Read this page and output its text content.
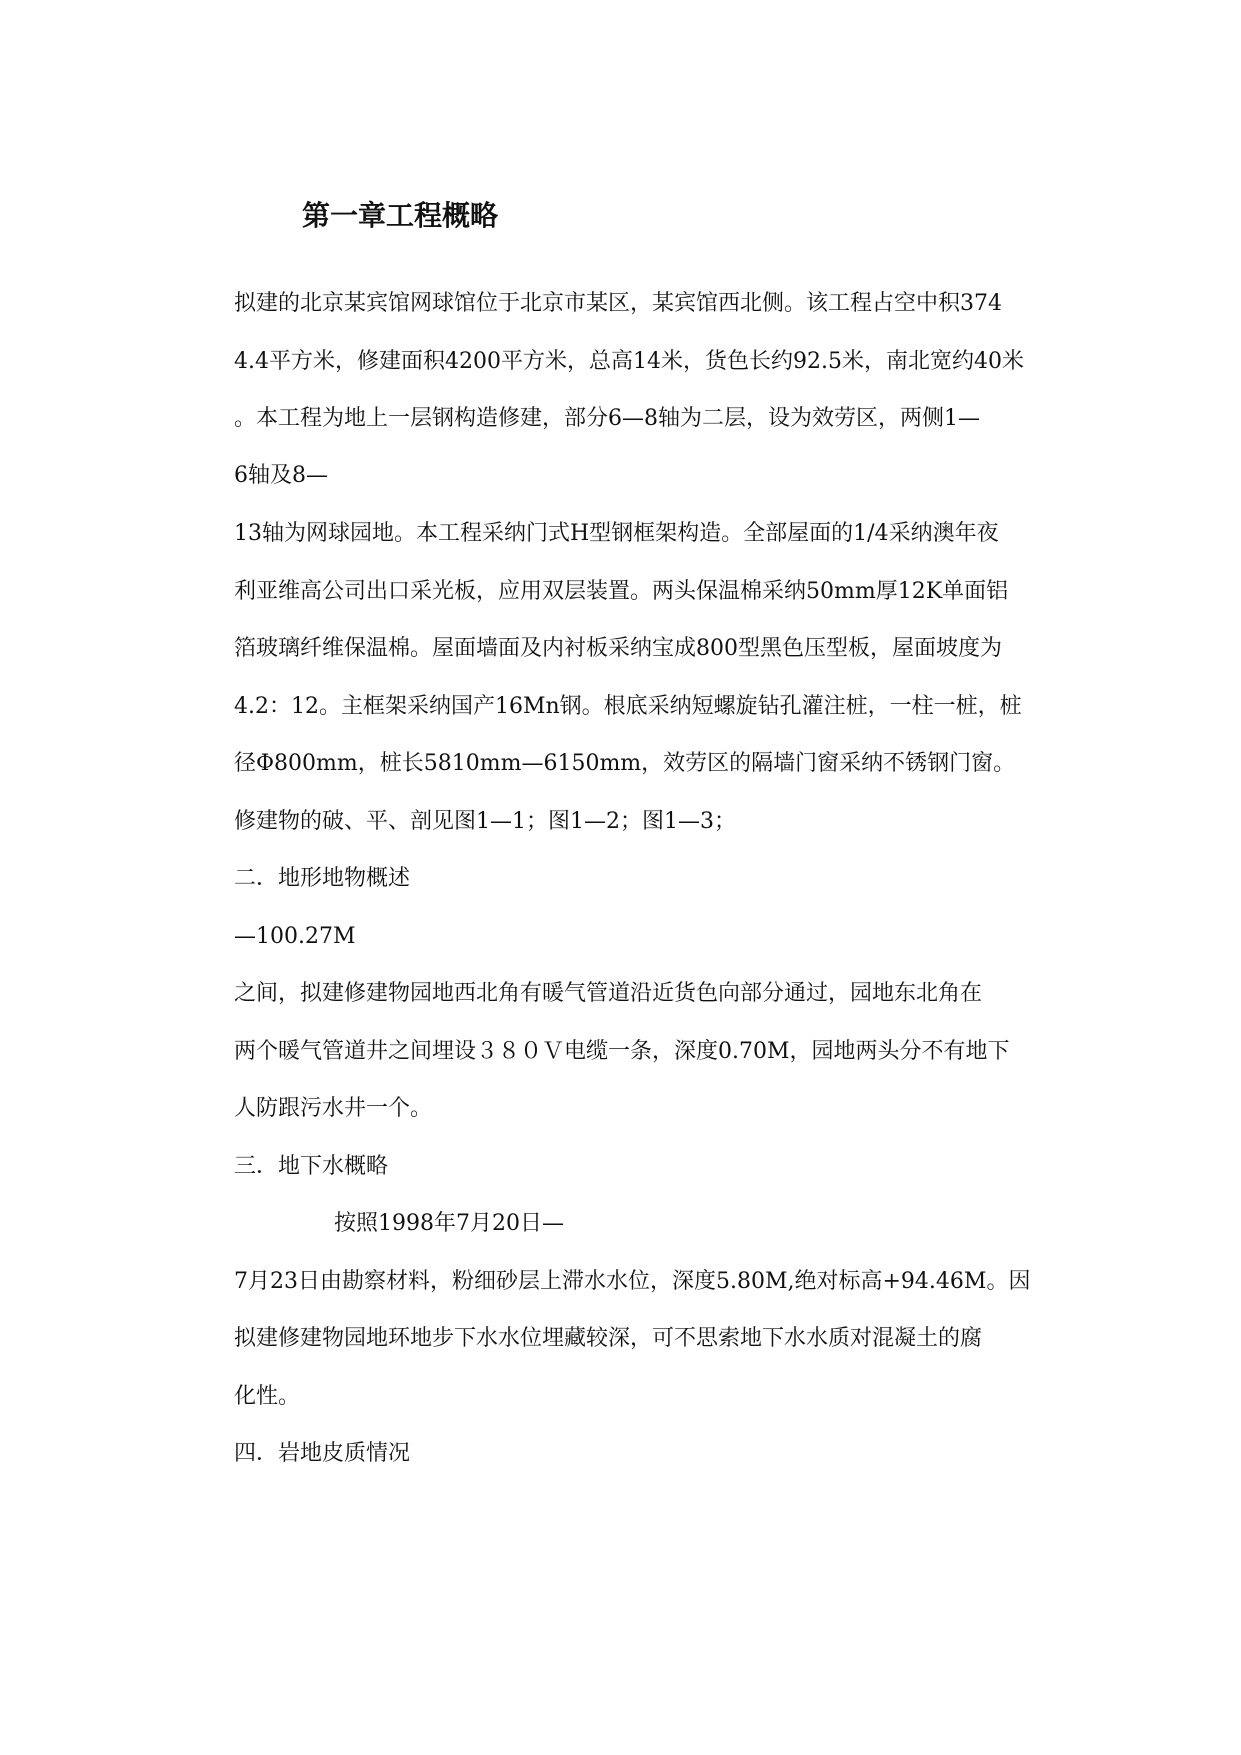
第一章工程概略
拟建的北京某宾馆网球馆位于北京市某区，某宾馆西北侧。该工程占空中积374
4.4平方米，修建面积4200平方米，总高14米，货色长约92.5米，南北宽约40米
。本工程为地上一层钢构造修建，部分6—8轴为二层，设为效劳区，两侧1—
6轴及8—
13轴为网球园地。本工程采纳门式H型钢框架构造。全部屋面的1/4采纳澳年夜
利亚维高公司出口采光板，应用双层装置。两头保温棉采纳50mm厚12K单面铝
箔玻璃纤维保温棉。屋面墙面及内衬板采纳宝成800型黑色压型板，屋面坡度为
4.2：12。主框架采纳国产16Mn钢。根底采纳短螺旋钻孔灌注桩，一柱一桩，桩
径Φ800mm，桩长5810mm—6150mm，效劳区的隔墙门窗采纳不锈钢门窗。
修建物的破、平、剖见图1—1；图1—2；图1—3；
二．地形地物概述
—100.27M
之间，拟建修建物园地西北角有暖气管道沿近货色向部分通过，园地东北角在
两个暖气管道井之间埋设３８０Ｖ电缆一条，深度0.70M，园地两头分不有地下
人防跟污水井一个。
三．地下水概略
按照1998年7月20日—
7月23日由勘察材料，粉细砂层上滞水水位，深度5.80M,绝对标高+94.46M。因
拟建修建物园地环地步下水水位埋藏较深，可不思索地下水水质对混凝土的腐
化性。
四．岩地皮质情况
